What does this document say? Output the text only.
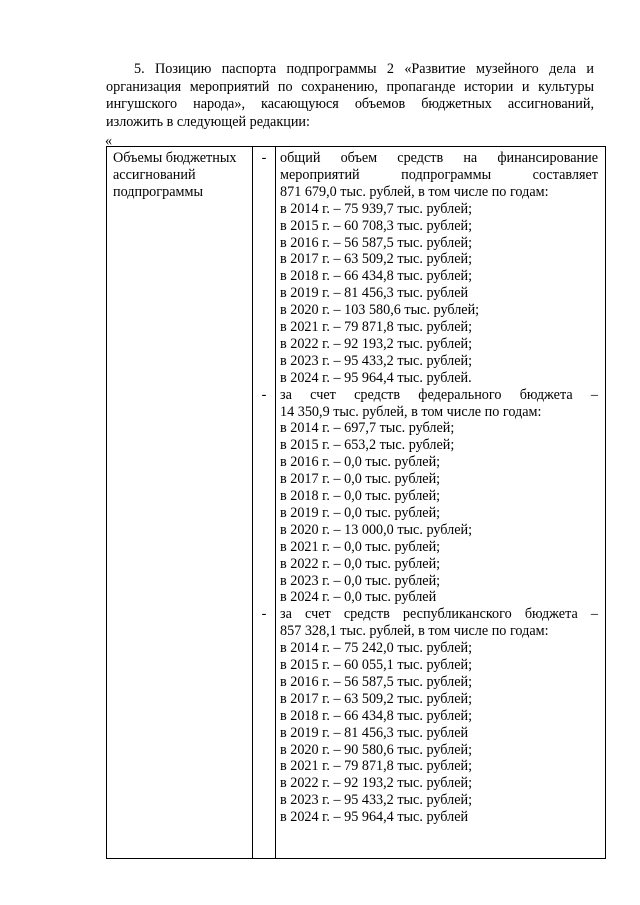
5. Позицию паспорта подпрограммы 2 «Развитие музейного дела и
организация мероприятий по сохранению, пропаганде истории и культуры
ингушского народа», касающуюся объемов бюджетных ассигнований,
изложить в следующей редакции:
«
Объемы бюджетных
ассигнований
подпрограммы
- общий объем средств на финансирование
мероприятий подпрограммы составляет
871 679,0 тыс. рублей, в том числе по годам:
в 2014 г. – 75 939,7 тыс. рублей;
в 2015 г. – 60 708,3 тыс. рублей;
в 2016 г. – 56 587,5 тыс. рублей;
в 2017 г. – 63 509,2 тыс. рублей;
в 2018 г. – 66 434,8 тыс. рублей;
в 2019 г. – 81 456,3 тыс. рублей
в 2020 г. – 103 580,6 тыс. рублей;
в 2021 г. – 79 871,8 тыс. рублей;
в 2022 г. – 92 193,2 тыс. рублей;
в 2023 г. – 95 433,2 тыс. рублей;
в 2024 г. – 95 964,4 тыс. рублей.
- за счет средств федерального бюджета –
14 350,9 тыс. рублей, в том числе по годам:
в 2014 г. – 697,7 тыс. рублей;
в 2015 г. – 653,2 тыс. рублей;
в 2016 г. – 0,0 тыс. рублей;
в 2017 г. – 0,0 тыс. рублей;
в 2018 г. – 0,0 тыс. рублей;
в 2019 г. – 0,0 тыс. рублей;
в 2020 г. – 13 000,0 тыс. рублей;
в 2021 г. – 0,0 тыс. рублей;
в 2022 г. – 0,0 тыс. рублей;
в 2023 г. – 0,0 тыс. рублей;
в 2024 г. – 0,0 тыс. рублей
- за счет средств республиканского бюджета –
857 328,1 тыс. рублей, в том числе по годам:
в 2014 г. – 75 242,0 тыс. рублей;
в 2015 г. – 60 055,1 тыс. рублей;
в 2016 г. – 56 587,5 тыс. рублей;
в 2017 г. – 63 509,2 тыс. рублей;
в 2018 г. – 66 434,8 тыс. рублей;
в 2019 г. – 81 456,3 тыс. рублей
в 2020 г. – 90 580,6 тыс. рублей;
в 2021 г. – 79 871,8 тыс. рублей;
в 2022 г. – 92 193,2 тыс. рублей;
в 2023 г. – 95 433,2 тыс. рублей;
в 2024 г. – 95 964,4 тыс. рублей
